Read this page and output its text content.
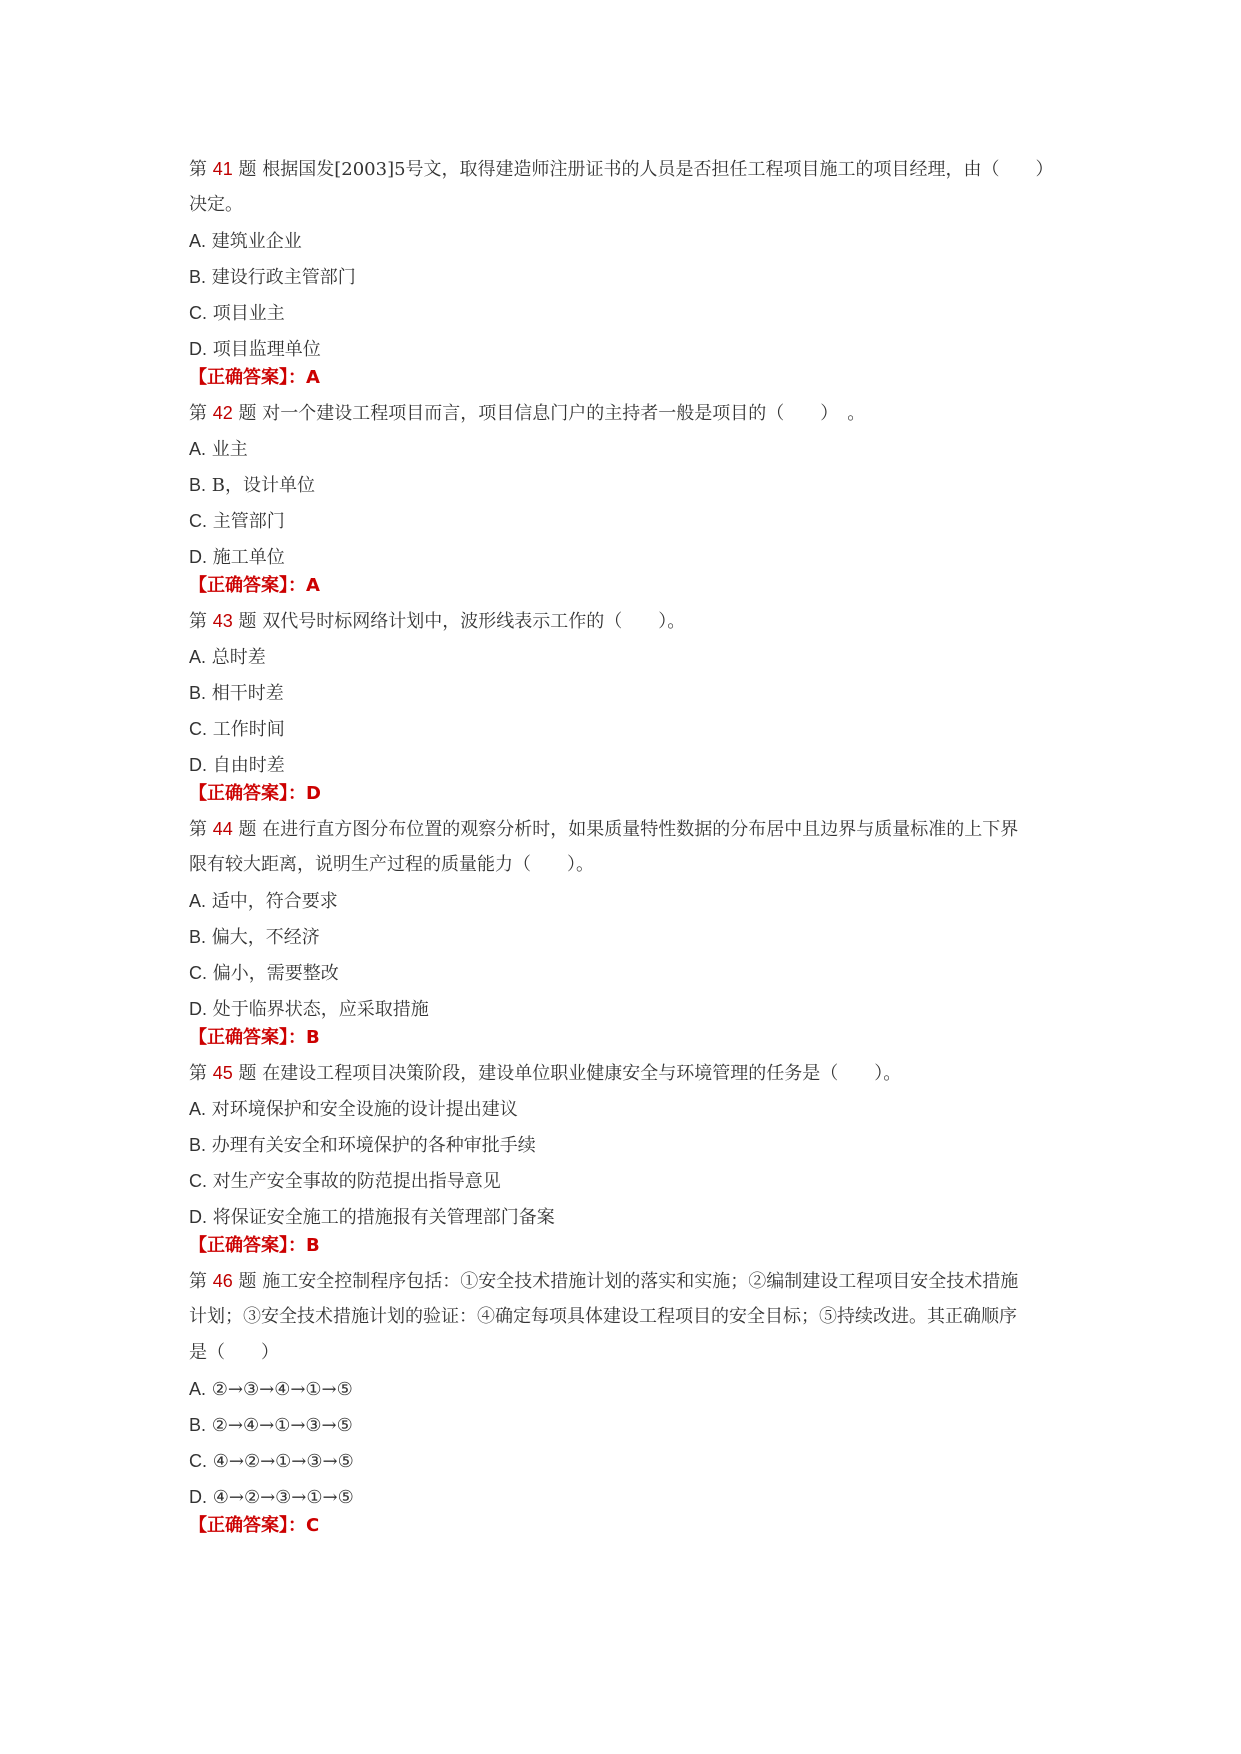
第 41 题 根据国发[2003]5号文，取得建造师注册证书的人员是否担任工程项目施工的项目经理，由（　　）
决定。
A. 建筑业企业
B. 建设行政主管部门
C. 项目业主
D. 项目监理单位
【正确答案】：A
第 42 题 对一个建设工程项目而言，项目信息门户的主持者一般是项目的（　　）　。
A. 业主
B. B，设计单位
C. 主管部门
D. 施工单位
【正确答案】：A
第 43 题 双代号时标网络计划中，波形线表示工作的（　　）。
A. 总时差
B. 相干时差
C. 工作时间
D. 自由时差
【正确答案】：D
第 44 题 在进行直方图分布位置的观察分析时，如果质量特性数据的分布居中且边界与质量标准的上下界
限有较大距离，说明生产过程的质量能力（　　）。
A. 适中，符合要求
B. 偏大，不经济
C. 偏小，需要整改
D. 处于临界状态，应采取措施
【正确答案】：B
第 45 题 在建设工程项目决策阶段，建设单位职业健康安全与环境管理的任务是（　　）。
A. 对环境保护和安全设施的设计提出建议
B. 办理有关安全和环境保护的各种审批手续
C. 对生产安全事故的防范提出指导意见
D. 将保证安全施工的措施报有关管理部门备案
【正确答案】：B
第 46 题 施工安全控制程序包括：①安全技术措施计划的落实和实施；②编制建设工程项目安全技术措施
计划；③安全技术措施计划的验证：④确定每项具体建设工程项目的安全目标；⑤持续改进。其正确顺序
是（　　）
A. ②→③→④→①→⑤
B. ②→④→①→③→⑤
C. ④→②→①→③→⑤
D. ④→②→③→①→⑤
【正确答案】：C
